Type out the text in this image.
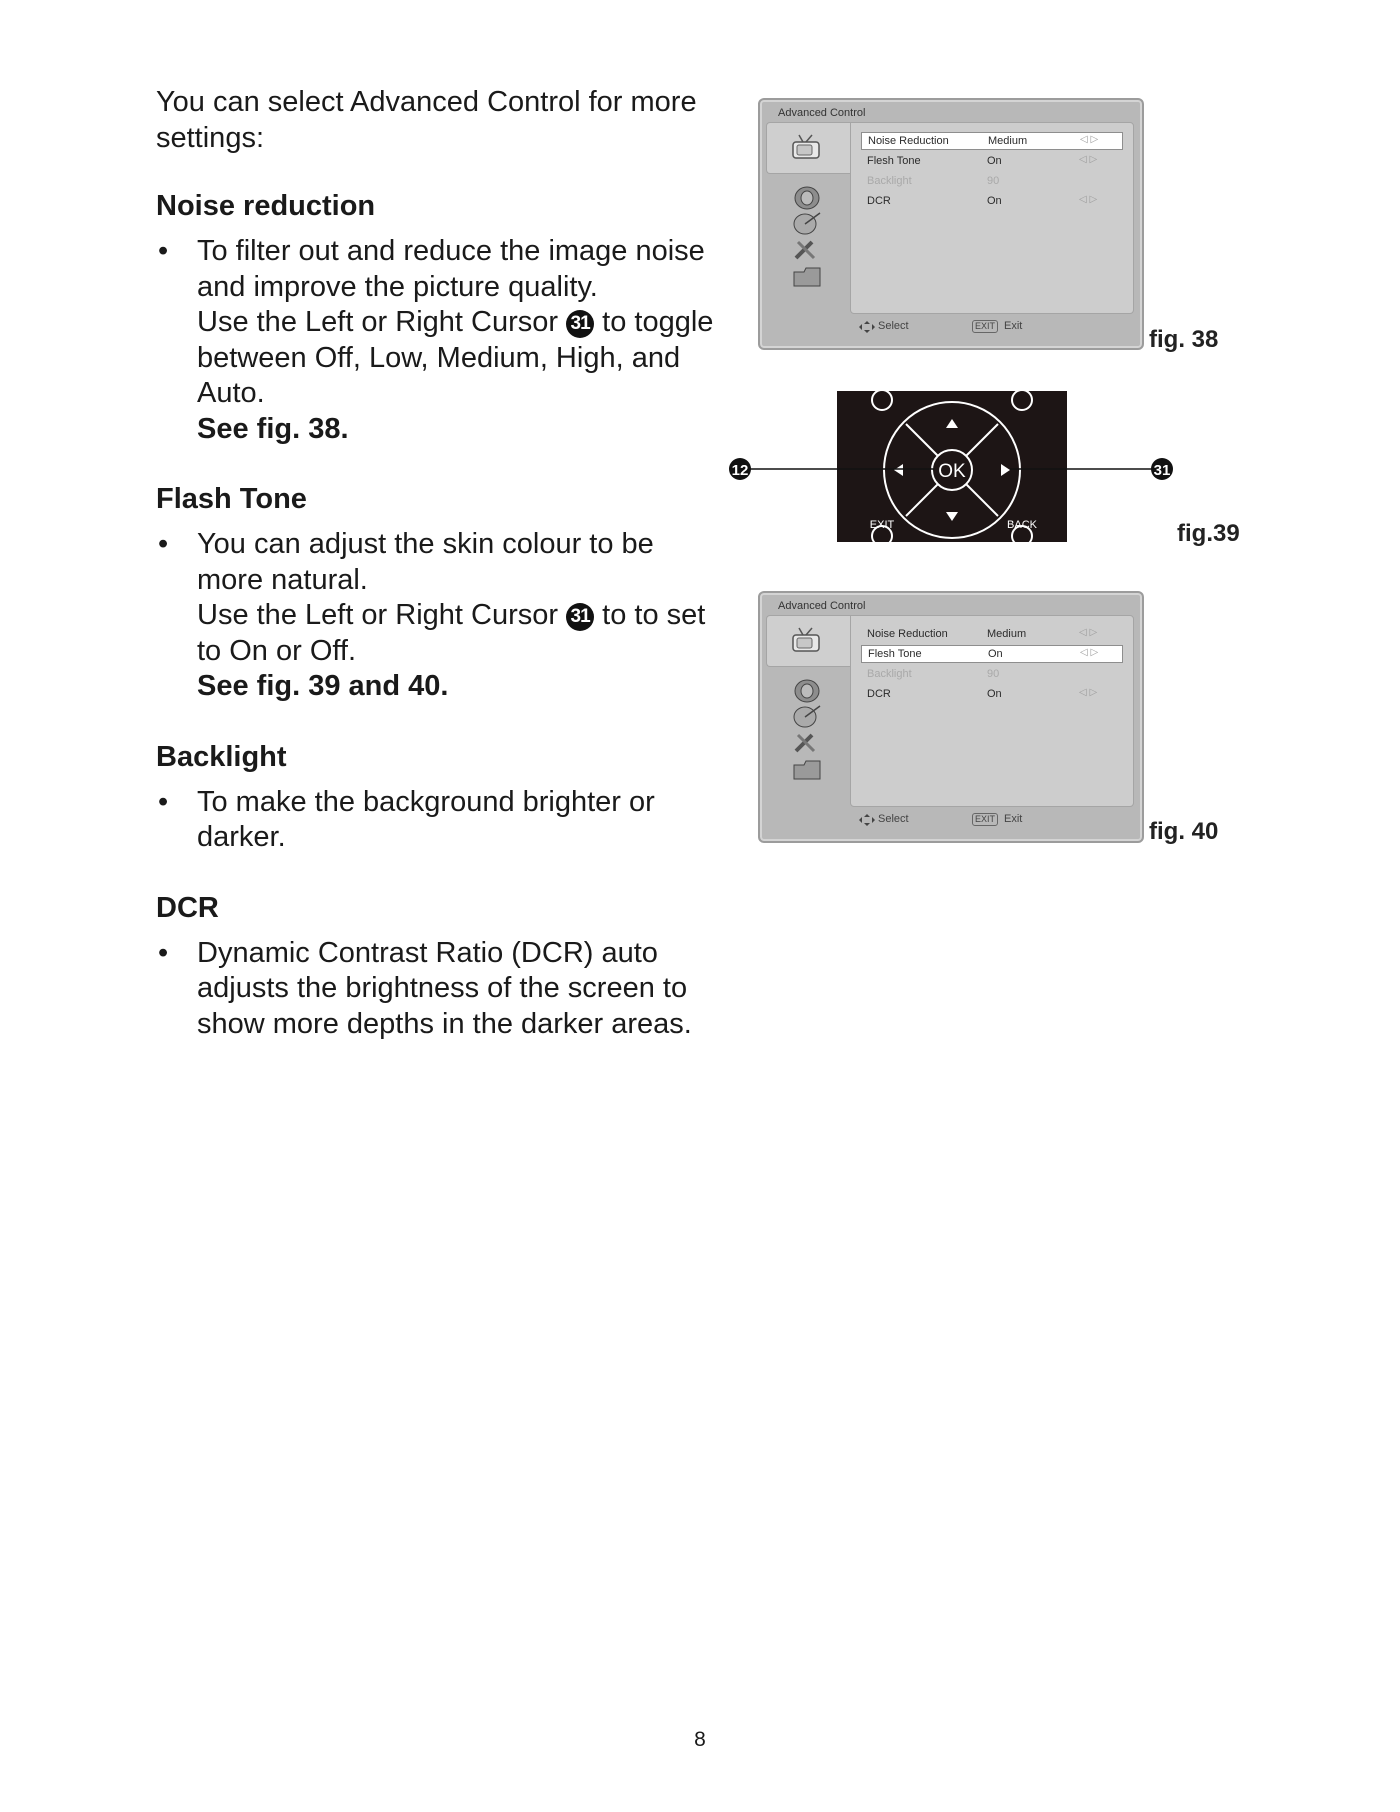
You can select Advanced Control for more settings:

Noise reduction
• To filter out and reduce the image noise and improve the picture quality.
Use the Left or Right Cursor 31 to toggle between Off, Low, Medium, High, and Auto.
See fig. 38.
Flash Tone
• You can adjust the skin colour to be more natural.
Use the Left or Right Cursor 31 to to set to On or Off.
See fig. 39 and 40.
Backlight
• To make the background brighter or darker.
DCR
• Dynamic Contrast Ratio (DCR) auto adjusts the brightness of the screen to show more depths in the darker areas.
Advanced Control
Noise Reduction	Medium	◁ ▷
Flesh Tone	On	◁ ▷
Backlight	90
DCR	On	◁ ▷
Select	EXIT Exit	fig. 38
OK
EXIT	BACK
12	31
fig.39
Advanced Control
Noise Reduction	Medium	◁ ▷
Flesh Tone	On	◁ ▷
Backlight	90
DCR	On	◁ ▷
Select	EXIT Exit	fig. 40
8
